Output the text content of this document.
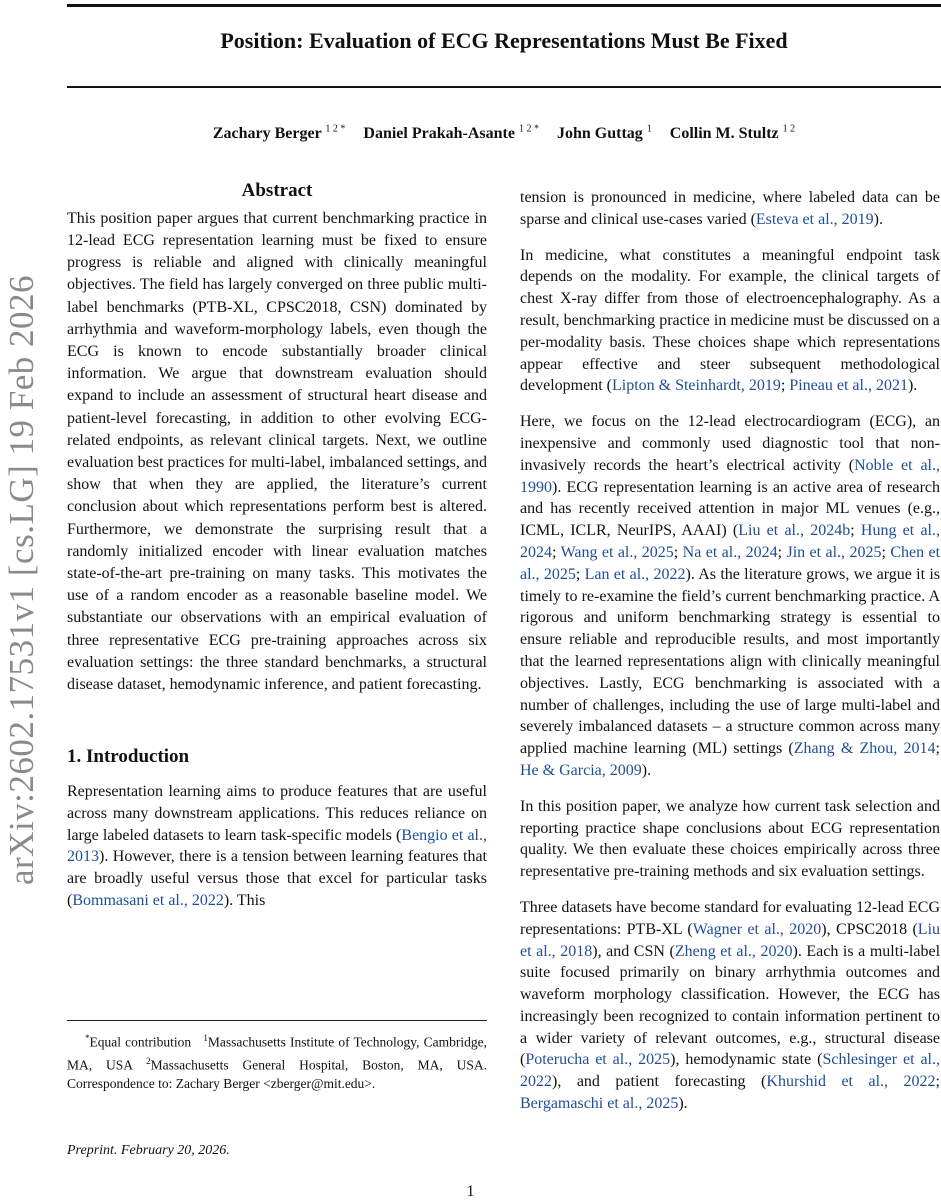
Position: Evaluation of ECG Representations Must Be Fixed
Zachary Berger $^{1 2 *}$ Daniel Prakah-Asante $^{1 2 *}$ John Guttag $^1$ Collin M. Stultz $^{1 2}$
arXiv:2602.17531v1 [cs.LG] 19 Feb 2026
Abstract

This position paper argues that current benchmarking practice in 12-lead ECG representation learning must be fixed to ensure progress is reliable and aligned with clinically meaningful objectives. The field has largely converged on three public multi-label benchmarks (PTB-XL, CPSC2018, CSN) dominated by arrhythmia and waveform-morphology labels, even though the ECG is known to encode substantially broader clinical information. We argue that downstream evaluation should expand to include an assessment of structural heart disease and patient-level forecasting, in addition to other evolving ECG-related endpoints, as relevant clinical targets. Next, we outline evaluation best practices for multi-label, imbalanced settings, and show that when they are applied, the literature’s current conclusion about which representations perform best is altered. Furthermore, we demonstrate the surprising result that a randomly initialized encoder with linear evaluation matches state-of-the-art pre-training on many tasks. This motivates the use of a random encoder as a reasonable baseline model. We substantiate our observations with an empirical evaluation of three representative ECG pre-training approaches across six evaluation settings: the three standard benchmarks, a structural disease dataset, hemodynamic inference, and patient forecasting.

1. Introduction

Representation learning aims to produce features that are useful across many downstream applications. This reduces reliance on large labeled datasets to learn task-specific models (Bengio et al., 2013). However, there is a tension between learning features that are broadly useful versus those that excel for particular tasks (Bommasani et al., 2022). This

tension is pronounced in medicine, where labeled data can be sparse and clinical use-cases varied (Esteva et al., 2019).

In medicine, what constitutes a meaningful endpoint task depends on the modality. For example, the clinical targets of chest X-ray differ from those of electroencephalography. As a result, benchmarking practice in medicine must be discussed on a per-modality basis. These choices shape which representations appear effective and steer subsequent methodological development (Lipton & Steinhardt, 2019; Pineau et al., 2021).

Here, we focus on the 12-lead electrocardiogram (ECG), an inexpensive and commonly used diagnostic tool that non-invasively records the heart’s electrical activity (Noble et al., 1990). ECG representation learning is an active area of research and has recently received attention in major ML venues (e.g., ICML, ICLR, NeurIPS, AAAI) (Liu et al., 2024b; Hung et al., 2024; Wang et al., 2025; Na et al., 2024; Jin et al., 2025; Chen et al., 2025; Lan et al., 2022). As the literature grows, we argue it is timely to re-examine the field’s current benchmarking practice. A rigorous and uniform benchmarking strategy is essential to ensure reliable and reproducible results, and most importantly that the learned representations align with clinically meaningful objectives. Lastly, ECG benchmarking is associated with a number of challenges, including the use of large multi-label and severely imbalanced datasets – a structure common across many applied machine learning (ML) settings (Zhang & Zhou, 2014; He & Garcia, 2009).

In this position paper, we analyze how current task selection and reporting practice shape conclusions about ECG representation quality. We then evaluate these choices empirically across three representative pre-training methods and six evaluation settings.

Three datasets have become standard for evaluating 12-lead ECG representations: PTB-XL (Wagner et al., 2020), CPSC2018 (Liu et al., 2018), and CSN (Zheng et al., 2020). Each is a multi-label suite focused primarily on binary arrhythmia outcomes and waveform morphology classification. However, the ECG has increasingly been recognized to contain information pertinent to a wider variety of relevant outcomes, e.g., structural disease (Poterucha et al., 2025), hemodynamic state (Schlesinger et al., 2022), and patient forecasting (Khurshid et al., 2022; Bergamaschi et al., 2025).

*Equal contribution $^1$Massachusetts Institute of Technology, Cambridge, MA, USA $^2$Massachusetts General Hospital, Boston, MA, USA. Correspondence to: Zachary Berger <zberger@mit.edu>.
Preprint. February 20, 2026.
1
